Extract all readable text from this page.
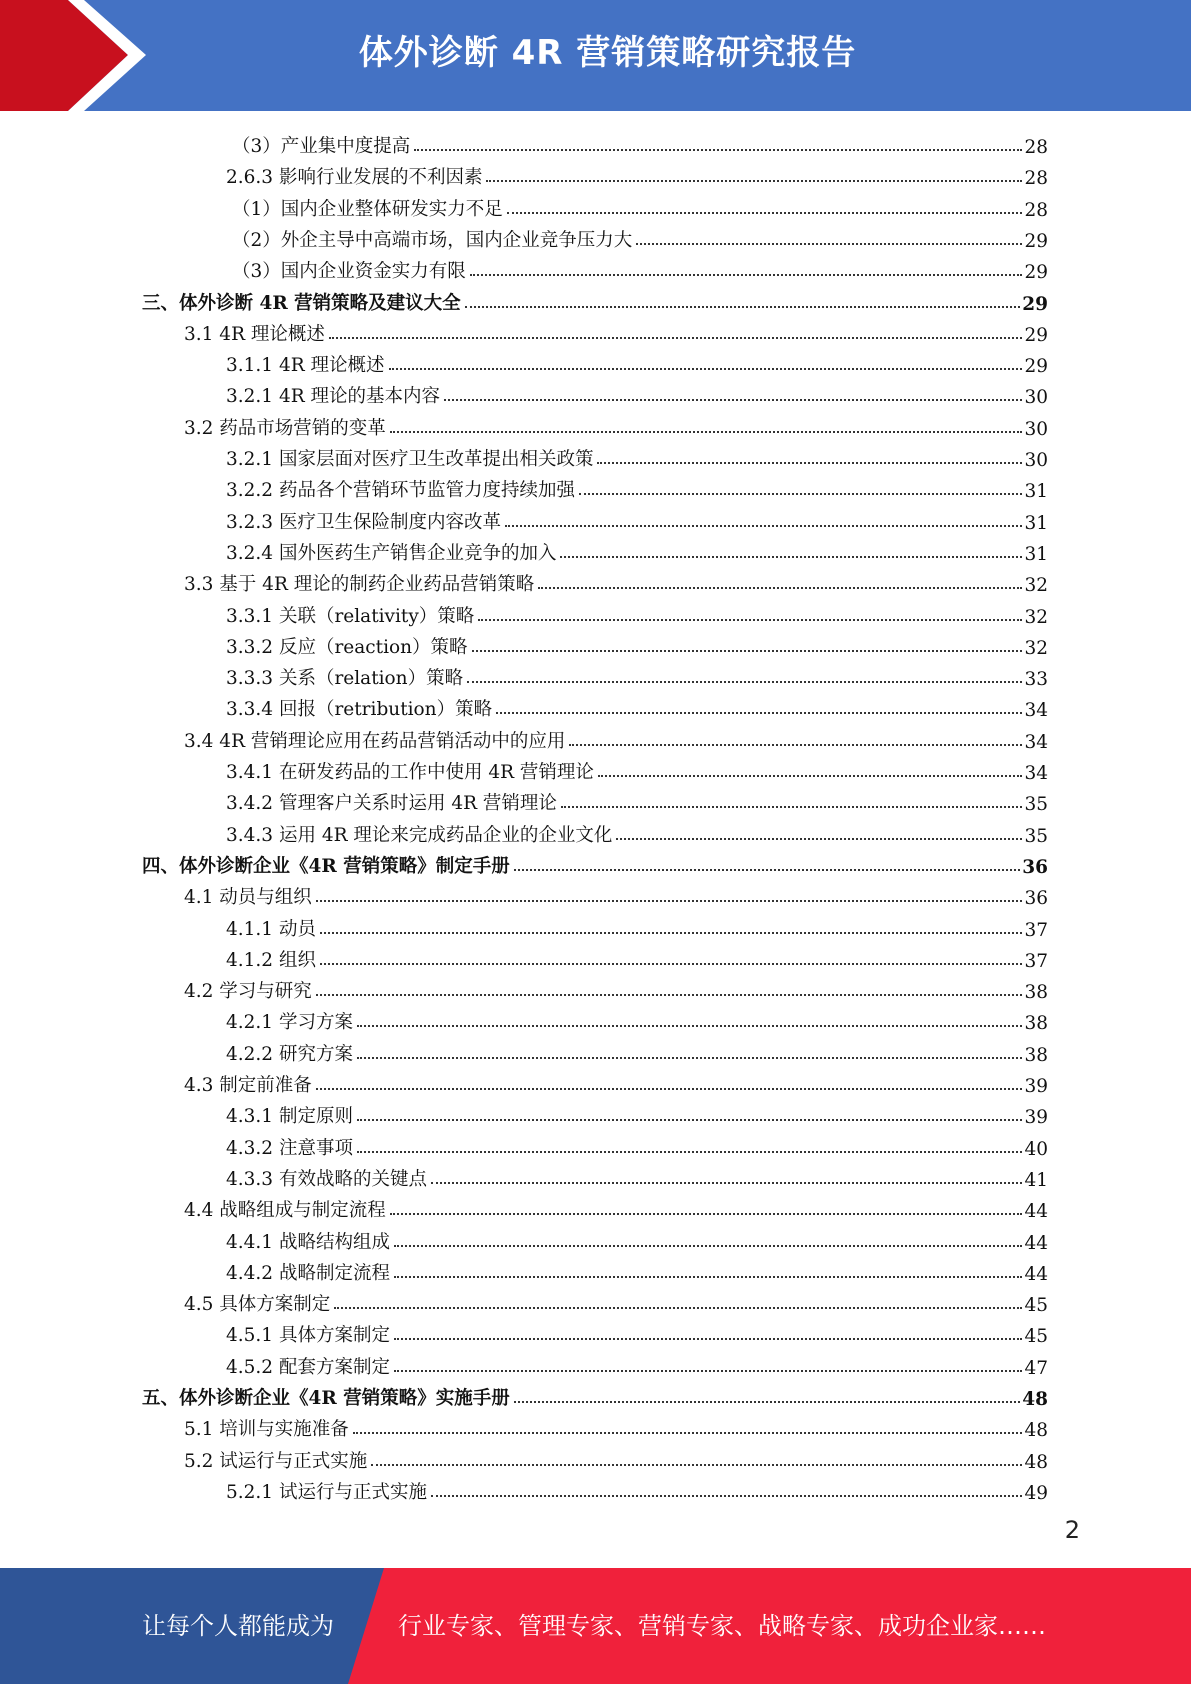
体外诊断 4R 营销策略研究报告
（3）产业集中度提高	28
2.6.3 影响行业发展的不利因素	28
（1）国内企业整体研发实力不足	28
（2）外企主导中高端市场，国内企业竞争压力大	29
（3）国内企业资金实力有限	29
三、体外诊断 4R 营销策略及建议大全	29
3.1 4R 理论概述	29
3.1.1 4R 理论概述	29
3.2.1 4R 理论的基本内容	30
3.2 药品市场营销的变革	30
3.2.1 国家层面对医疗卫生改革提出相关政策	30
3.2.2 药品各个营销环节监管力度持续加强	31
3.2.3 医疗卫生保险制度内容改革	31
3.2.4 国外医药生产销售企业竞争的加入	31
3.3 基于 4R 理论的制药企业药品营销策略	32
3.3.1 关联（relativity）策略	32
3.3.2 反应（reaction）策略	32
3.3.3 关系（relation）策略	33
3.3.4 回报（retribution）策略	34
3.4 4R 营销理论应用在药品营销活动中的应用	34
3.4.1 在研发药品的工作中使用 4R 营销理论	34
3.4.2 管理客户关系时运用 4R 营销理论	35
3.4.3 运用 4R 理论来完成药品企业的企业文化	35
四、体外诊断企业《4R 营销策略》制定手册	36
4.1 动员与组织	36
4.1.1 动员	37
4.1.2 组织	37
4.2 学习与研究	38
4.2.1 学习方案	38
4.2.2 研究方案	38
4.3 制定前准备	39
4.3.1 制定原则	39
4.3.2 注意事项	40
4.3.3 有效战略的关键点	41
4.4 战略组成与制定流程	44
4.4.1 战略结构组成	44
4.4.2 战略制定流程	44
4.5 具体方案制定	45
4.5.1 具体方案制定	45
4.5.2 配套方案制定	47
五、体外诊断企业《4R 营销策略》实施手册	48
5.1 培训与实施准备	48
5.2 试运行与正式实施	48
5.2.1 试运行与正式实施	49
2
让每个人都能成为	行业专家、管理专家、营销专家、战略专家、成功企业家……
